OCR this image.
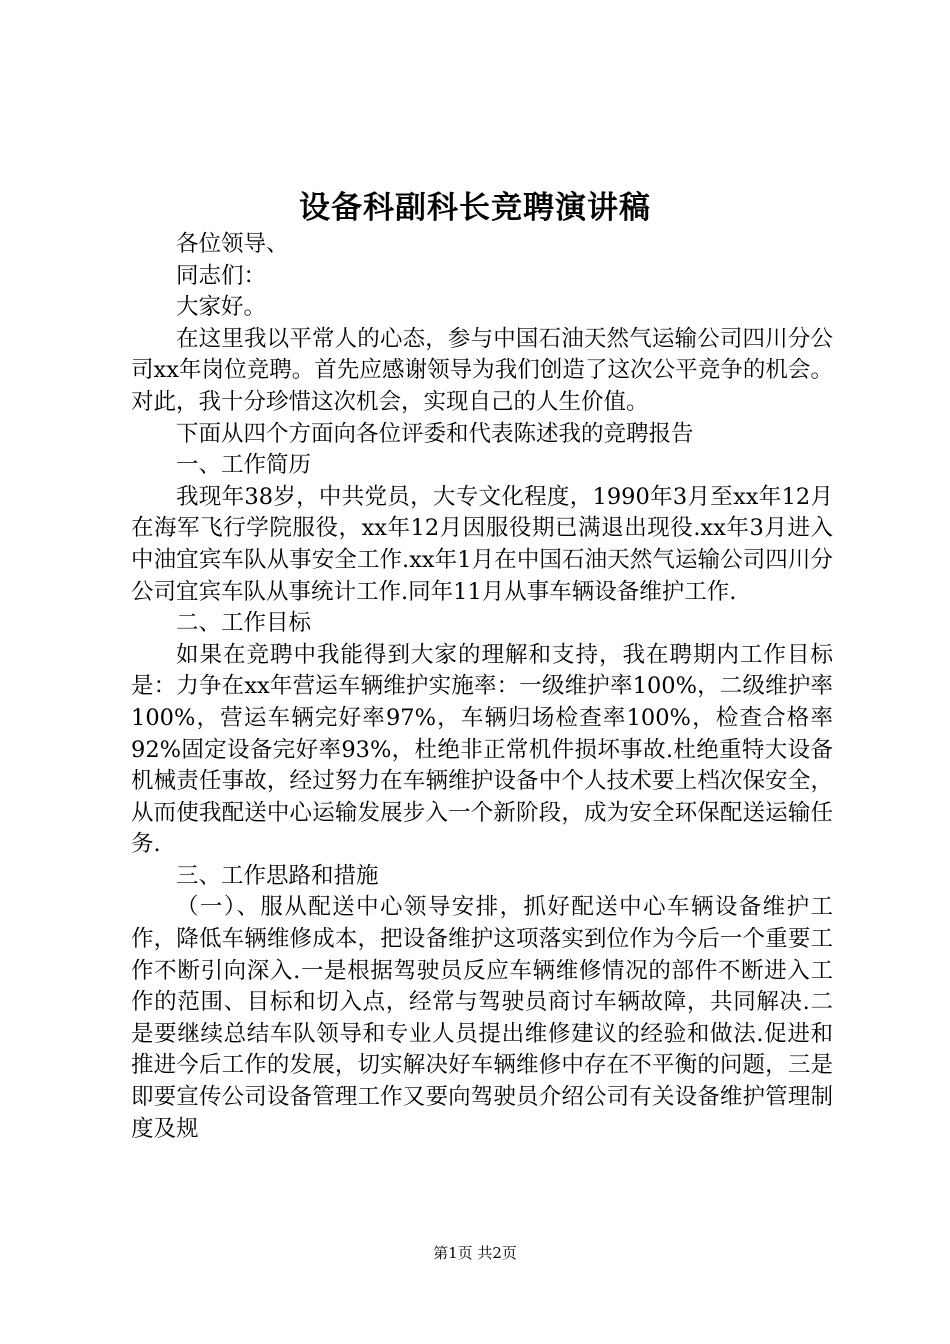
设备科副科长竞聘演讲稿

各位领导、

同志们：

大家好。

在这里我以平常人的心态，参与中国石油天然气运输公司四川分公司xx年岗位竞聘。首先应感谢领导为我们创造了这次公平竞争的机会。对此，我十分珍惜这次机会，实现自己的人生价值。

下面从四个方面向各位评委和代表陈述我的竞聘报告

一、工作简历

我现年38岁，中共党员，大专文化程度，1990年3月至xx年12月在海军飞行学院服役，xx年12月因服役期已满退出现役.xx年3月进入中油宜宾车队从事安全工作.xx年1月在中国石油天然气运输公司四川分公司宜宾车队从事统计工作.同年11月从事车辆设备维护工作.

二、工作目标

如果在竞聘中我能得到大家的理解和支持，我在聘期内工作目标是：力争在xx年营运车辆维护实施率：一级维护率100%，二级维护率100%，营运车辆完好率97%，车辆归场检查率100%，检查合格率92%固定设备完好率93%，杜绝非正常机件损坏事故.杜绝重特大设备机械责任事故，经过努力在车辆维护设备中个人技术要上档次保安全，从而使我配送中心运输发展步入一个新阶段，成为安全环保配送运输任务.

三、工作思路和措施

（一）、服从配送中心领导安排，抓好配送中心车辆设备维护工作，降低车辆维修成本，把设备维护这项落实到位作为今后一个重要工作不断引向深入.一是根据驾驶员反应车辆维修情况的部件不断进入工作的范围、目标和切入点，经常与驾驶员商讨车辆故障，共同解决.二是要继续总结车队领导和专业人员提出维修建议的经验和做法.促进和推进今后工作的发展，切实解决好车辆维修中存在不平衡的问题，三是即要宣传公司设备管理工作又要向驾驶员介绍公司有关设备维护管理制度及规

第1页 共2页
